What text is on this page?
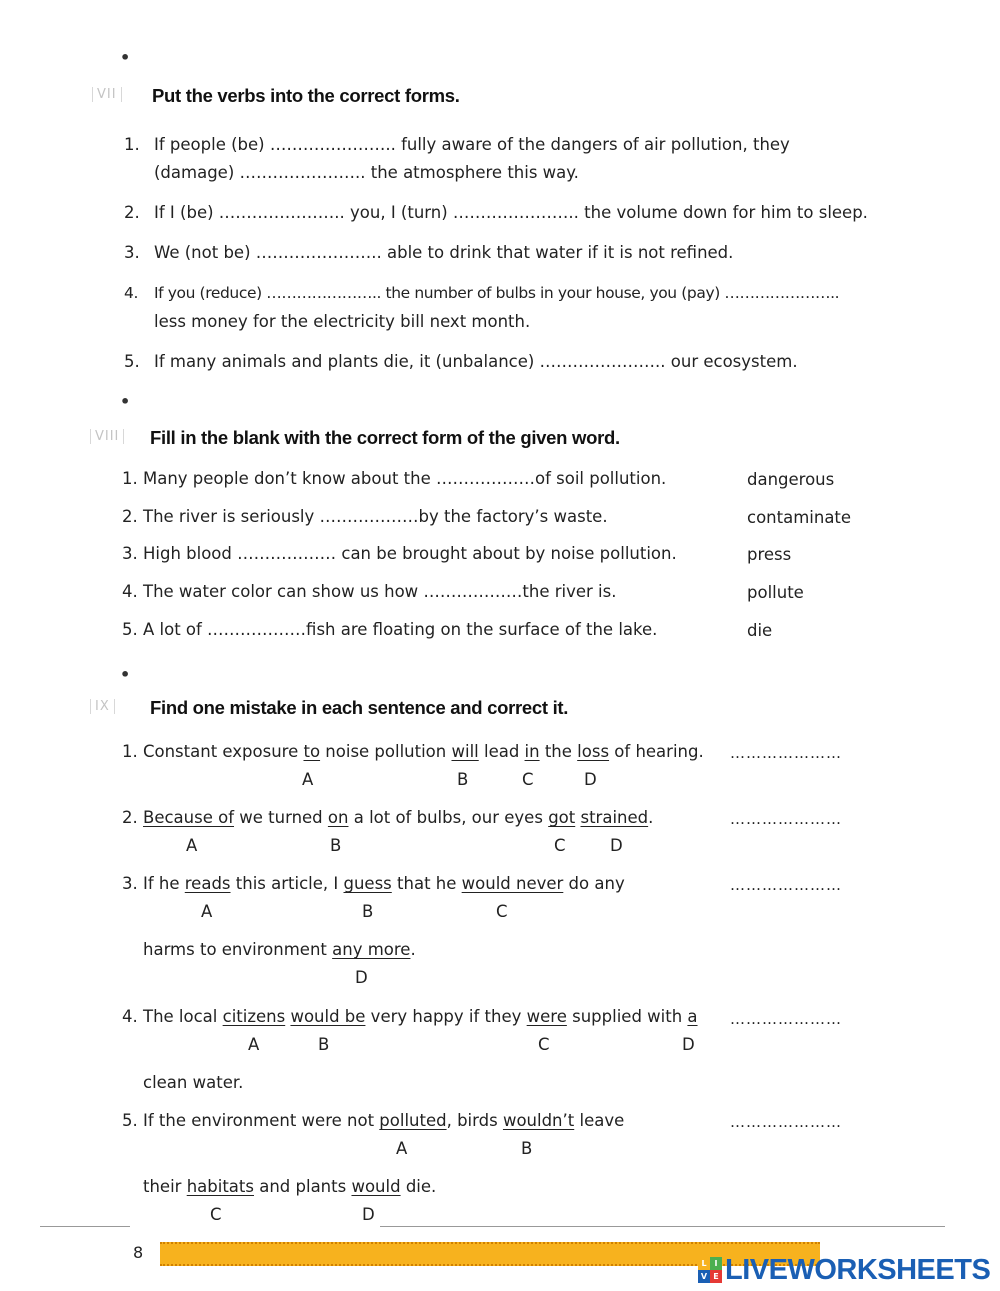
•
VII Put the verbs into the correct forms.
1. If people (be) ………………….. fully aware of the dangers of air pollution, they
(damage) ………………….. the atmosphere this way.
2. If I (be) ………………….. you, I (turn) ………………….. the volume down for him to sleep.
3. We (not be) ………………….. able to drink that water if it is not refined.
4. If you (reduce) ………………….. the number of bulbs in your house, you (pay) …………………..
less money for the electricity bill next month.
5. If many animals and plants die, it (unbalance) ………………….. our ecosystem.
•
VIII Fill in the blank with the correct form of the given word.
1. Many people don’t know about the ………………of soil pollution.	dangerous
2. The river is seriously ………………by the factory’s waste.	contaminate
3. High blood ……………… can be brought about by noise pollution.	press
4. The water color can show us how ………………the river is.	pollute
5. A lot of ………………fish are floating on the surface of the lake.	die
•
IX Find one mistake in each sentence and correct it.
1. Constant exposure to noise pollution will lead in the loss of hearing. …………………
A	B	C	D
2. Because of we turned on a lot of bulbs, our eyes got strained.	…………………
A	B	C	D
3. If he reads this article, I guess that he would never do any	…………………
A	B	C
harms to environment any more.
D
4. The local citizens would be very happy if they were supplied with a …………………
A	B	C	D
clean water.
5. If the environment were not polluted, birds wouldn’t leave	…………………
A	B
their habitats and plants would die.
C	D
8
L I
V E LIVEWORKSHEETS
